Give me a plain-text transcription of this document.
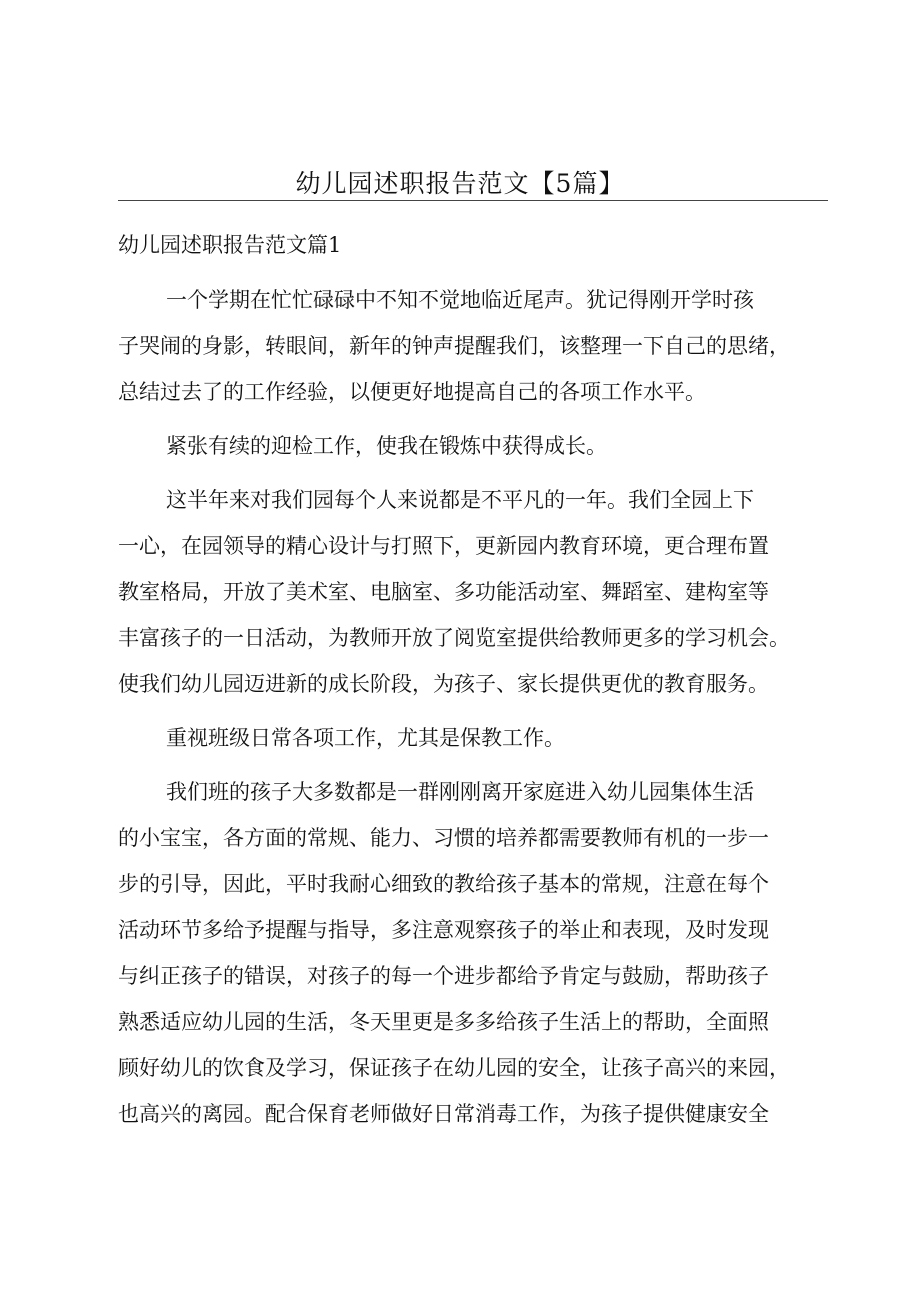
幼儿园述职报告范文【5篇】
幼儿园述职报告范文篇1
一个学期在忙忙碌碌中不知不觉地临近尾声。犹记得刚开学时孩
子哭闹的身影，转眼间，新年的钟声提醒我们，该整理一下自己的思绪，
总结过去了的工作经验，以便更好地提高自己的各项工作水平。
紧张有续的迎检工作，使我在锻炼中获得成长。
这半年来对我们园每个人来说都是不平凡的一年。我们全园上下
一心，在园领导的精心设计与打照下，更新园内教育环境，更合理布置
教室格局，开放了美术室、电脑室、多功能活动室、舞蹈室、建构室等
丰富孩子的一日活动，为教师开放了阅览室提供给教师更多的学习机会。
使我们幼儿园迈进新的成长阶段，为孩子、家长提供更优的教育服务。
重视班级日常各项工作，尤其是保教工作。
我们班的孩子大多数都是一群刚刚离开家庭进入幼儿园集体生活
的小宝宝，各方面的常规、能力、习惯的培养都需要教师有机的一步一
步的引导，因此，平时我耐心细致的教给孩子基本的常规，注意在每个
活动环节多给予提醒与指导，多注意观察孩子的举止和表现，及时发现
与纠正孩子的错误，对孩子的每一个进步都给予肯定与鼓励，帮助孩子
熟悉适应幼儿园的生活，冬天里更是多多给孩子生活上的帮助，全面照
顾好幼儿的饮食及学习，保证孩子在幼儿园的安全，让孩子高兴的来园，
也高兴的离园。配合保育老师做好日常消毒工作，为孩子提供健康安全
